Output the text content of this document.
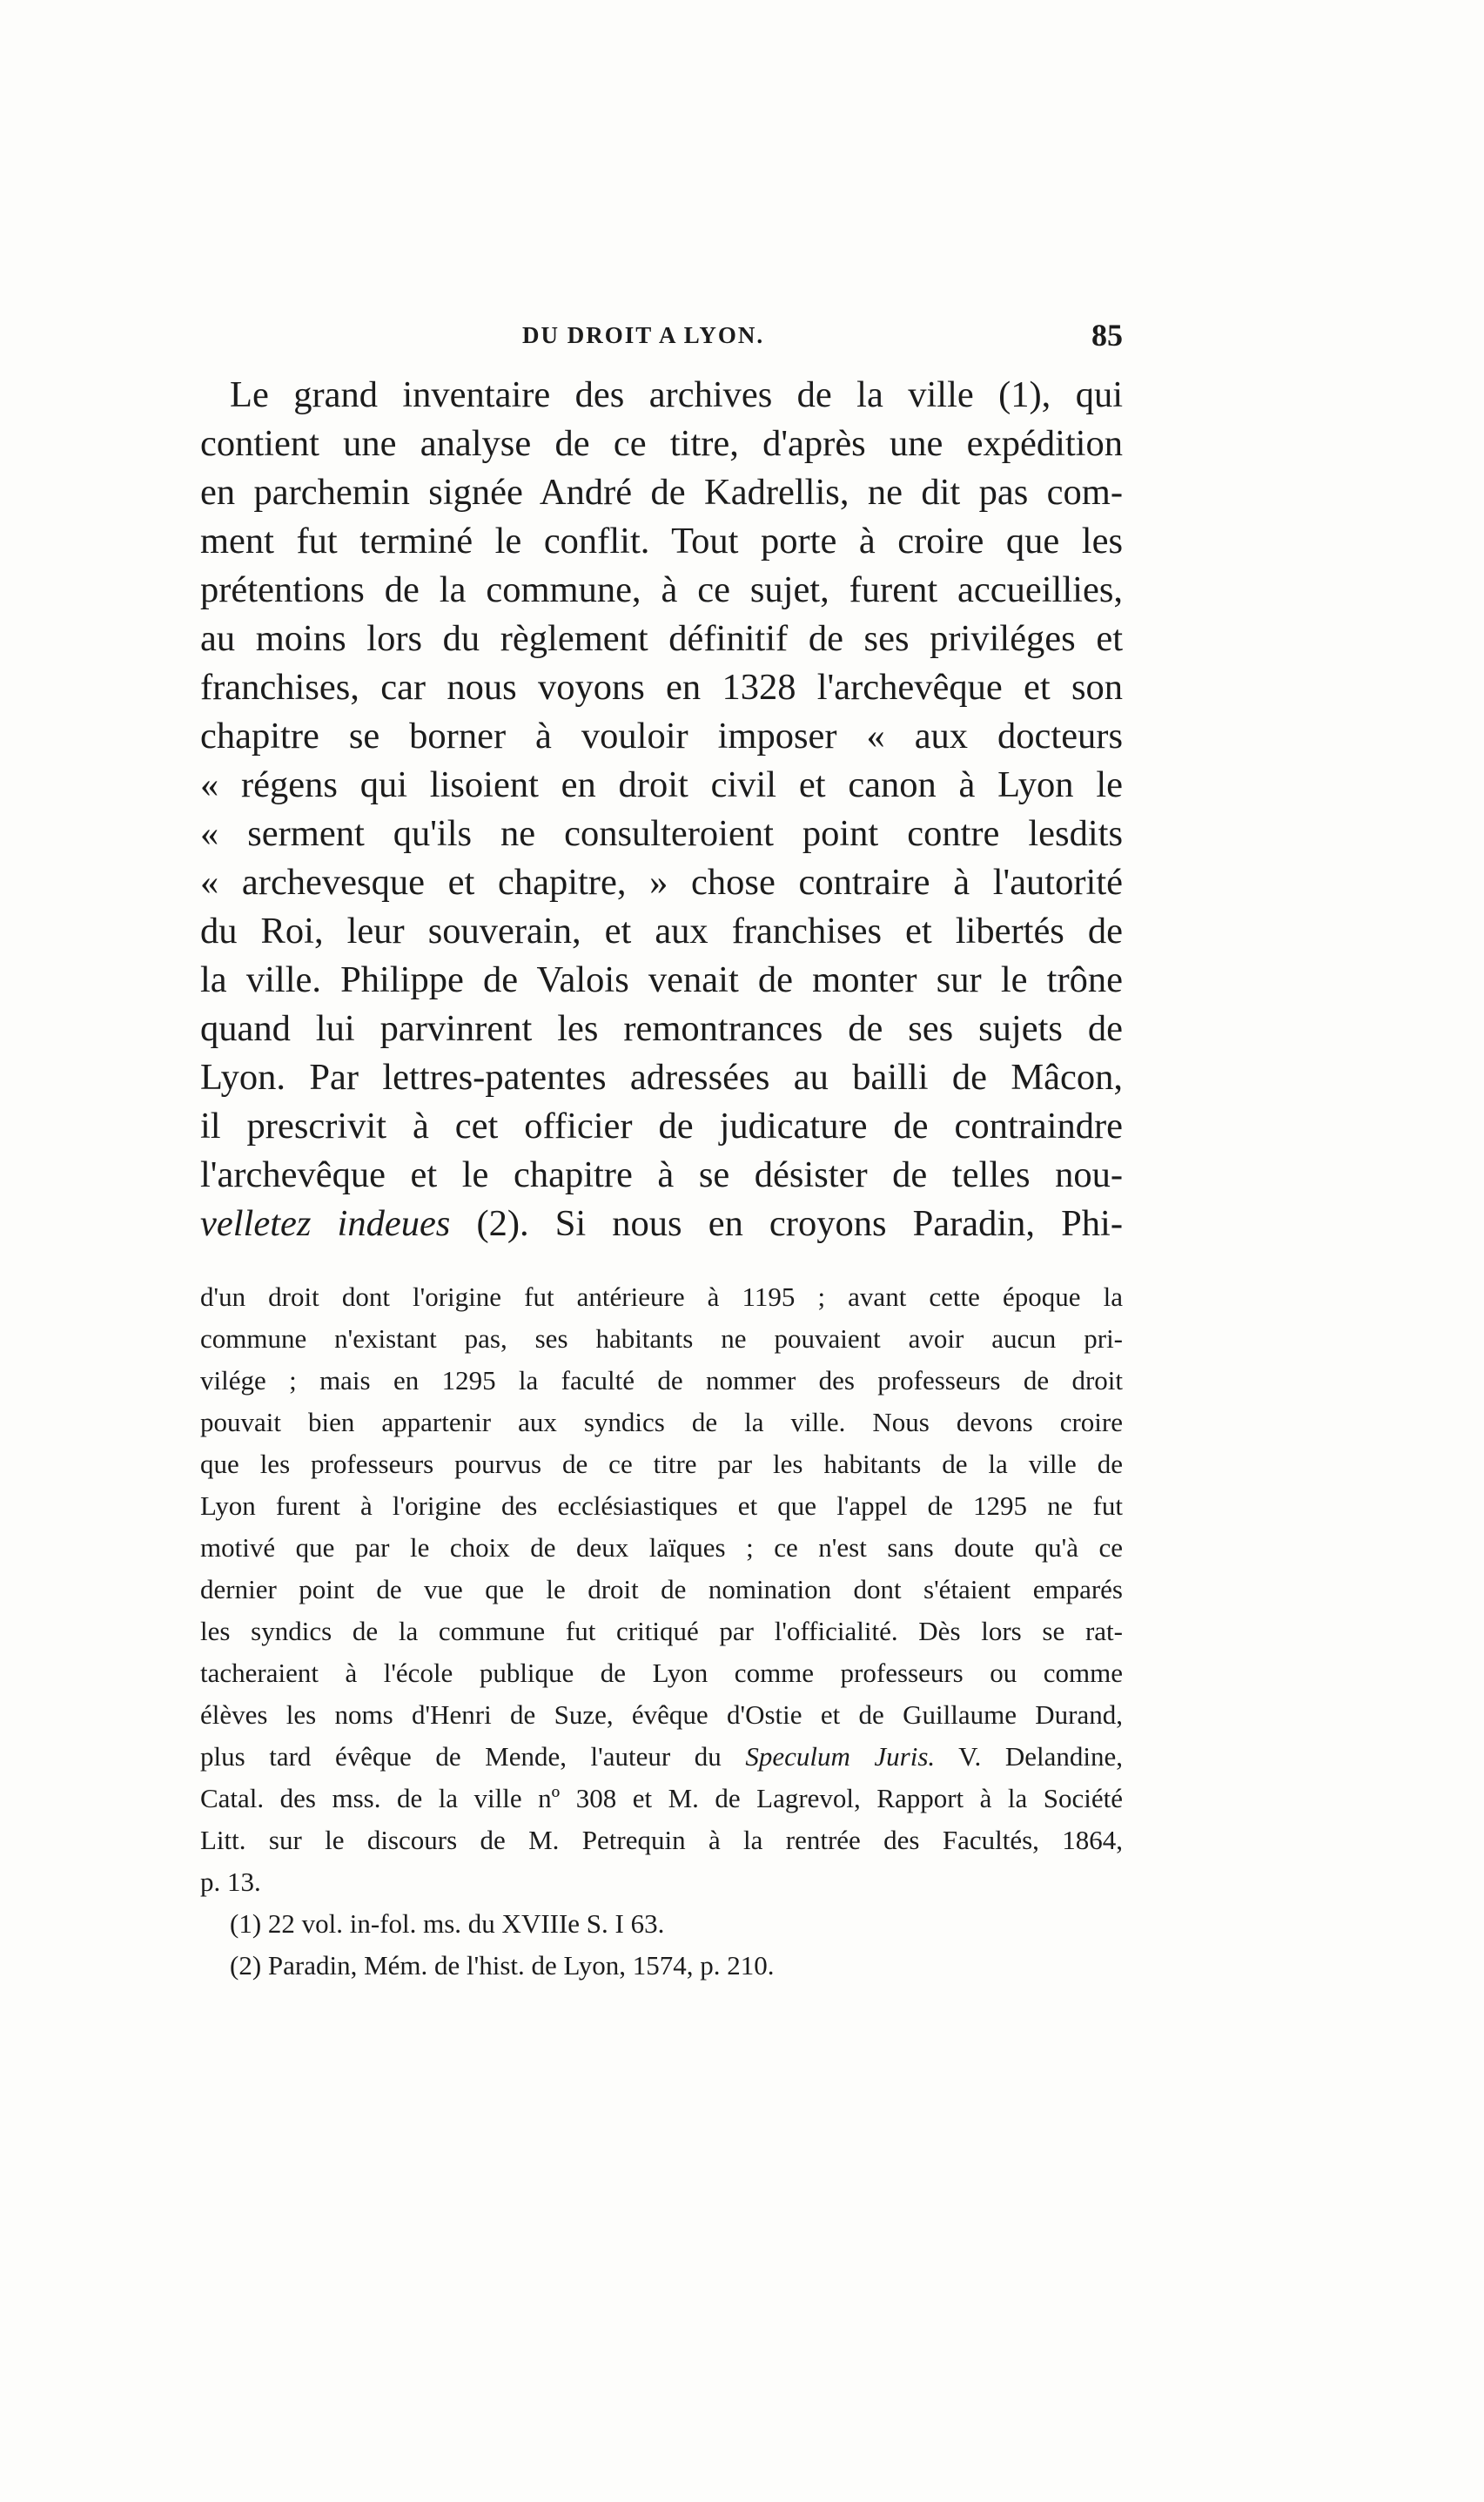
DU DROIT A LYON.	85
Le grand inventaire des archives de la ville (1), qui
contient une analyse de ce titre, d'après une expédition
en parchemin signée André de Kadrellis, ne dit pas com-
ment fut terminé le conflit. Tout porte à croire que les
prétentions de la commune, à ce sujet, furent accueillies,
au moins lors du règlement définitif de ses priviléges et
franchises, car nous voyons en 1328 l'archevêque et son
chapitre se borner à vouloir imposer « aux docteurs
« régens qui lisoient en droit civil et canon à Lyon le
« serment qu'ils ne consulteroient point contre lesdits
« archevesque et chapitre, » chose contraire à l'autorité
du Roi, leur souverain, et aux franchises et libertés de
la ville. Philippe de Valois venait de monter sur le trône
quand lui parvinrent les remontrances de ses sujets de
Lyon. Par lettres-patentes adressées au bailli de Mâcon,
il prescrivit à cet officier de judicature de contraindre
l'archevêque et le chapitre à se désister de telles nou-
velletez indeues (2). Si nous en croyons Paradin, Phi-
d'un droit dont l'origine fut antérieure à 1195 ; avant cette époque la
commune n'existant pas, ses habitants ne pouvaient avoir aucun pri-
vilége ; mais en 1295 la faculté de nommer des professeurs de droit
pouvait bien appartenir aux syndics de la ville. Nous devons croire
que les professeurs pourvus de ce titre par les habitants de la ville de
Lyon furent à l'origine des ecclésiastiques et que l'appel de 1295 ne fut
motivé que par le choix de deux laïques ; ce n'est sans doute qu'à ce
dernier point de vue que le droit de nomination dont s'étaient emparés
les syndics de la commune fut critiqué par l'officialité. Dès lors se rat-
tacheraient à l'école publique de Lyon comme professeurs ou comme
élèves les noms d'Henri de Suze, évêque d'Ostie et de Guillaume Durand,
plus tard évêque de Mende, l'auteur du Speculum Juris. V. Delandine,
Catal. des mss. de la ville nº 308 et M. de Lagrevol, Rapport à la Société
Litt. sur le discours de M. Petrequin à la rentrée des Facultés, 1864,
p. 13.
(1) 22 vol. in-fol. ms. du XVIIIe S. I 63.
(2) Paradin, Mém. de l'hist. de Lyon, 1574, p. 210.
